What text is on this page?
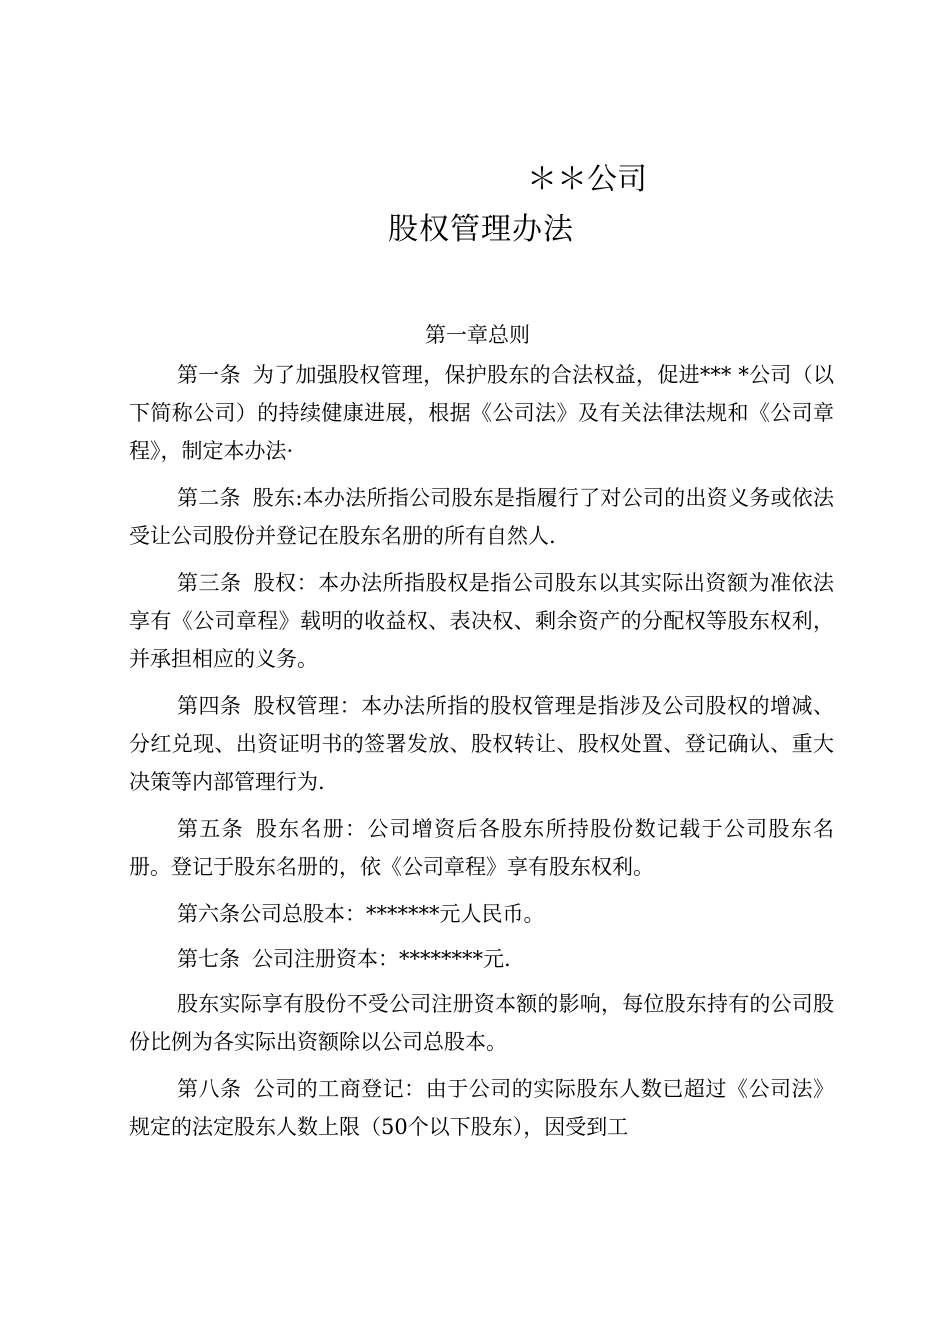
＊＊公司
股权管理办法
第一章总则

第一条 为了加强股权管理，保护股东的合法权益，促进*** *公司（以下简称公司）的持续健康进展，根据《公司法》及有关法律法规和《公司章程》，制定本办法·

第二条 股东:本办法所指公司股东是指履行了对公司的出资义务或依法受让公司股份并登记在股东名册的所有自然人.

第三条 股权：本办法所指股权是指公司股东以其实际出资额为准依法享有《公司章程》载明的收益权、表决权、剩余资产的分配权等股东权利，并承担相应的义务。

第四条 股权管理：本办法所指的股权管理是指涉及公司股权的增减、分红兑现、出资证明书的签署发放、股权转让、股权处置、登记确认、重大决策等内部管理行为.

第五条 股东名册：公司增资后各股东所持股份数记载于公司股东名册。登记于股东名册的，依《公司章程》享有股东权利。

第六条公司总股本：*******元人民币。

第七条 公司注册资本：********元.

股东实际享有股份不受公司注册资本额的影响，每位股东持有的公司股份比例为各实际出资额除以公司总股本。

第八条 公司的工商登记：由于公司的实际股东人数已超过《公司法》规定的法定股东人数上限（50个以下股东），因受到工
